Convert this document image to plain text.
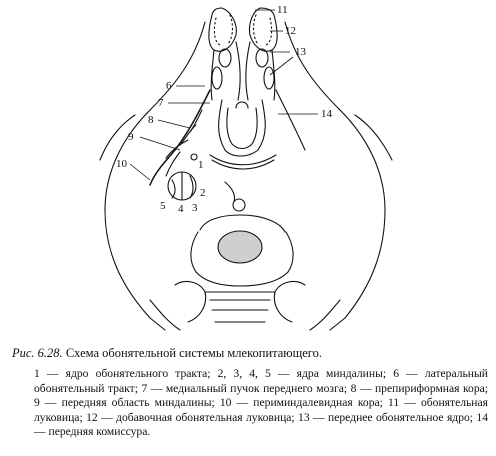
11
12
13
6
7
8
9
10
14
1
2
3
4
5

Рис. 6.28. Схема обонятельной системы млекопитающего.

1 — ядро обонятельного тракта; 2, 3, 4, 5 — ядра миндалины; 6 — латеральный обонятельный тракт; 7 — медиальный пучок переднего мозга; 8 — препириформная кора; 9 — передняя область миндалины; 10 — периминдалевидная кора; 11 — обонятельная луковица; 12 — добавочная обонятельная луковица; 13 — переднее обонятельное ядро; 14 — передняя комиссура.
